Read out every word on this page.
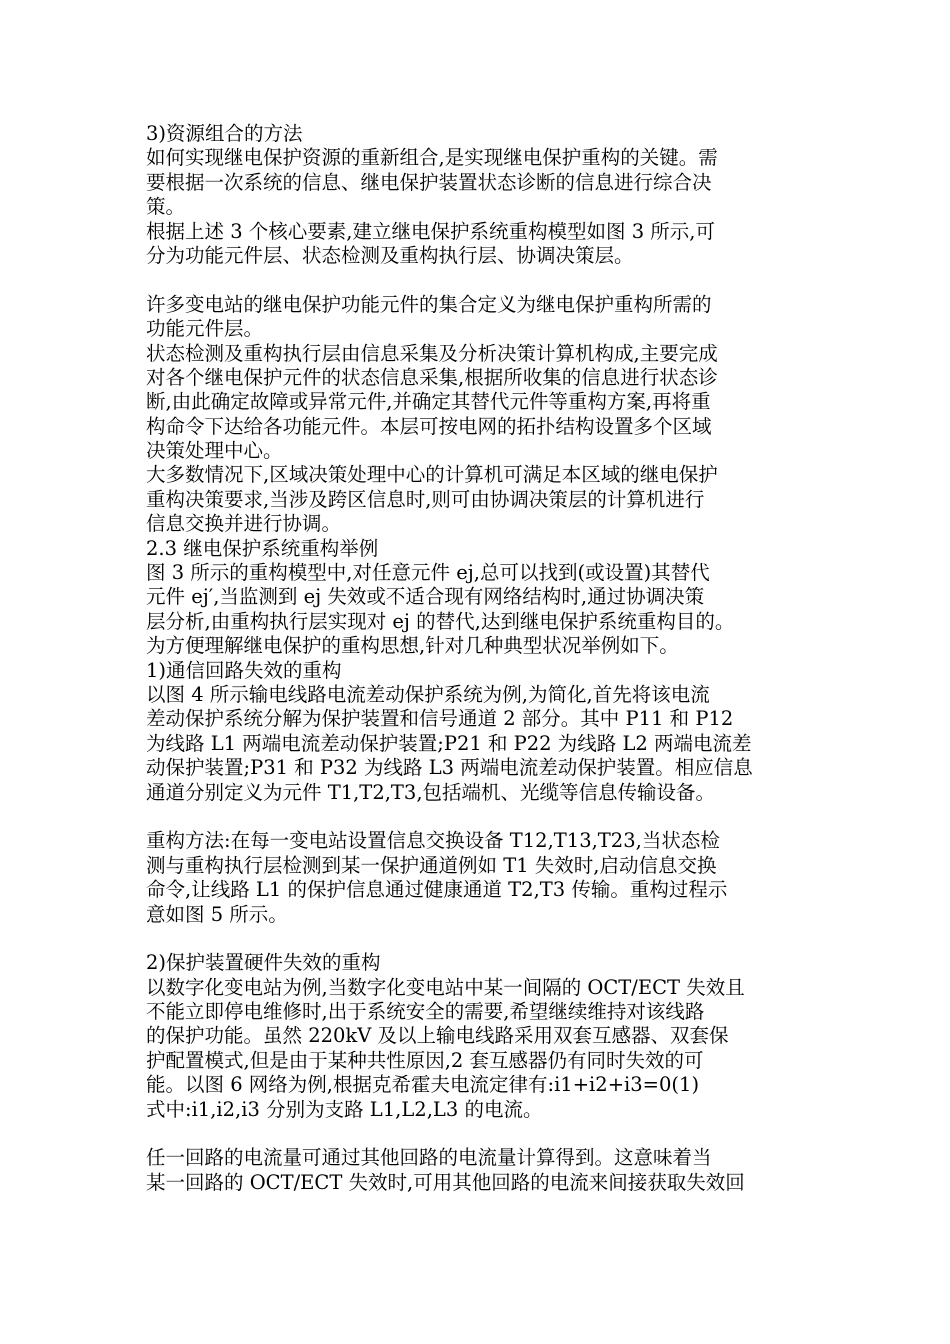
3)资源组合的方法
如何实现继电保护资源的重新组合,是实现继电保护重构的关键。需
要根据一次系统的信息、继电保护装置状态诊断的信息进行综合决
策。
根据上述 3 个核心要素,建立继电保护系统重构模型如图 3 所示,可
分为功能元件层、状态检测及重构执行层、协调决策层。
许多变电站的继电保护功能元件的集合定义为继电保护重构所需的
功能元件层。
状态检测及重构执行层由信息采集及分析决策计算机构成,主要完成
对各个继电保护元件的状态信息采集,根据所收集的信息进行状态诊
断,由此确定故障或异常元件,并确定其替代元件等重构方案,再将重
构命令下达给各功能元件。本层可按电网的拓扑结构设置多个区域
决策处理中心。
大多数情况下,区域决策处理中心的计算机可满足本区域的继电保护
重构决策要求,当涉及跨区信息时,则可由协调决策层的计算机进行
信息交换并进行协调。
2.3 继电保护系统重构举例
图 3 所示的重构模型中,对任意元件 ej,总可以找到(或设置)其替代
元件 ej′,当监测到 ej 失效或不适合现有网络结构时,通过协调决策
层分析,由重构执行层实现对 ej 的替代,达到继电保护系统重构目的。
为方便理解继电保护的重构思想,针对几种典型状况举例如下。
1)通信回路失效的重构
以图 4 所示输电线路电流差动保护系统为例,为简化,首先将该电流
差动保护系统分解为保护装置和信号通道 2 部分。其中 P11 和 P12
为线路 L1 两端电流差动保护装置;P21 和 P22 为线路 L2 两端电流差
动保护装置;P31 和 P32 为线路 L3 两端电流差动保护装置。相应信息
通道分别定义为元件 T1,T2,T3,包括端机、光缆等信息传输设备。
重构方法:在每一变电站设置信息交换设备 T12,T13,T23,当状态检
测与重构执行层检测到某一保护通道例如 T1 失效时,启动信息交换
命令,让线路 L1 的保护信息通过健康通道 T2,T3 传输。重构过程示
意如图 5 所示。
2)保护装置硬件失效的重构
以数字化变电站为例,当数字化变电站中某一间隔的 OCT/ECT 失效且
不能立即停电维修时,出于系统安全的需要,希望继续维持对该线路
的保护功能。虽然 220kV 及以上输电线路采用双套互感器、双套保
护配置模式,但是由于某种共性原因,2 套互感器仍有同时失效的可
能。以图 6 网络为例,根据克希霍夫电流定律有:i1+i2+i3=0(1)
式中:i1,i2,i3 分别为支路 L1,L2,L3 的电流。
任一回路的电流量可通过其他回路的电流量计算得到。这意味着当
某一回路的 OCT/ECT 失效时,可用其他回路的电流来间接获取失效回
